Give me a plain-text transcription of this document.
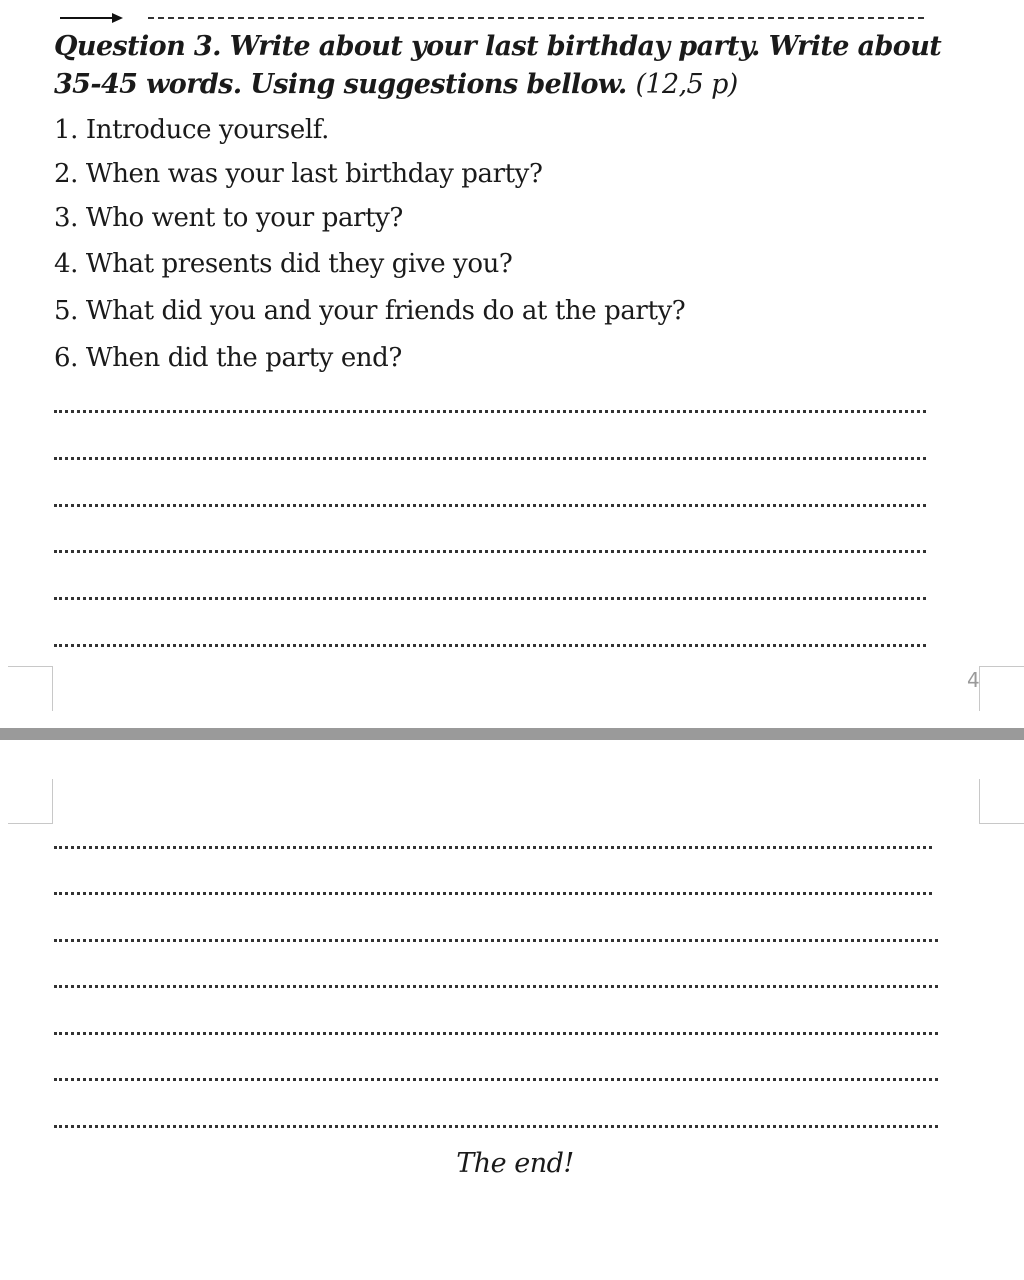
Question 3. Write about your last birthday party. Write about 35-45 words. Using suggestions bellow. (12,5 p)

1. Introduce yourself.
2. When was your last birthday party?
3. Who went to your party?
4. What presents did they give you?
5. What did you and your friends do at the party?
6. When did the party end?
4
The end!
